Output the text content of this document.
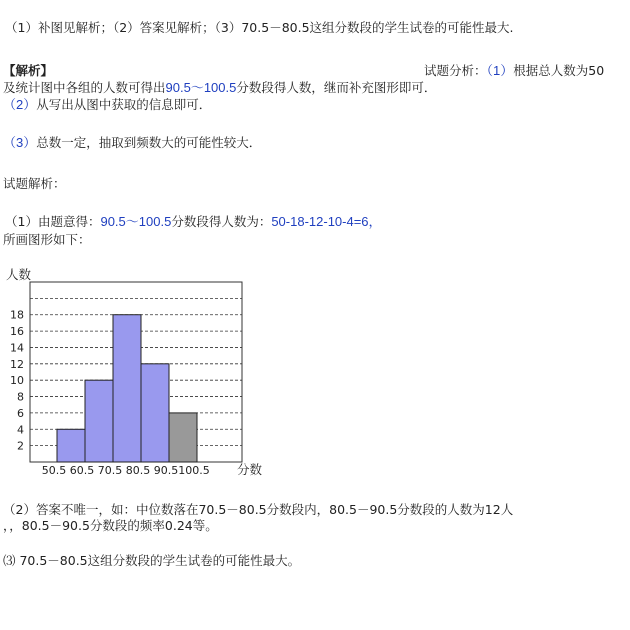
（1）补图见解析；（2）答案见解析；（3）70.5－80.5这组分数段的学生试卷的可能性最大.
【解析】	试题分析：（1）根据总人数为50
及统计图中各组的人数可得出90.5～100.5分数段得人数，继而补充图形即可．
（2）从写出从图中获取的信息即可．
（3）总数一定，抽取到频数大的可能性较大．
试题解析：
（1）由题意得：90.5～100.5分数段得人数为：50-18-12-10-4=6，
所画图形如下：
人数
2
4
6
8
10
12
14
16
18
50.5 60.5 70.5 80.5 90.5 100.5 分数
（2）答案不唯一，如：中位数落在70.5－80.5分数段内，80.5－90.5分数段的人数为12人
，，80.5－90.5分数段的频率0.24等。
⑶ 70.5－80.5这组分数段的学生试卷的可能性最大。
